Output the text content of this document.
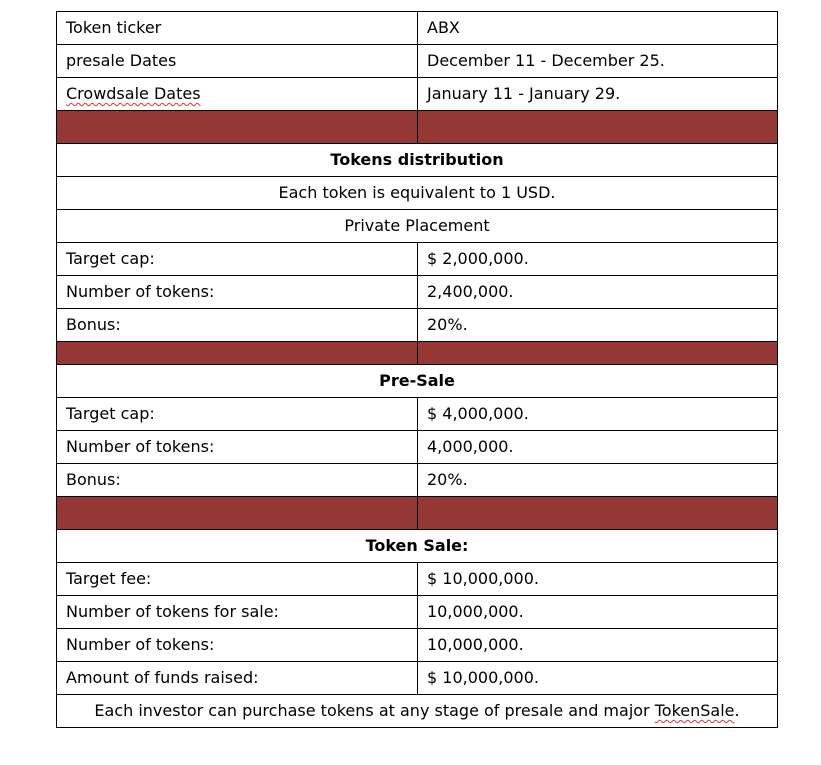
Token ticker	ABX
presale Dates	December 11 - December 25.
Crowdsale Dates	January 11 - January 29.

Tokens distribution	
Each token is equivalent to 1 USD.	
Private Placement	
Target cap:	$ 2,000,000.
Number of tokens:	2,400,000.
Bonus:	20%.

Pre-Sale	
Target cap:	$ 4,000,000.
Number of tokens:	4,000,000.
Bonus:	20%.

Token Sale:	
Target fee:	$ 10,000,000.
Number of tokens for sale:	10,000,000.
Number of tokens:	10,000,000.
Amount of funds raised:	$ 10,000,000.
Each investor can purchase tokens at any stage of presale and major TokenSale.	
